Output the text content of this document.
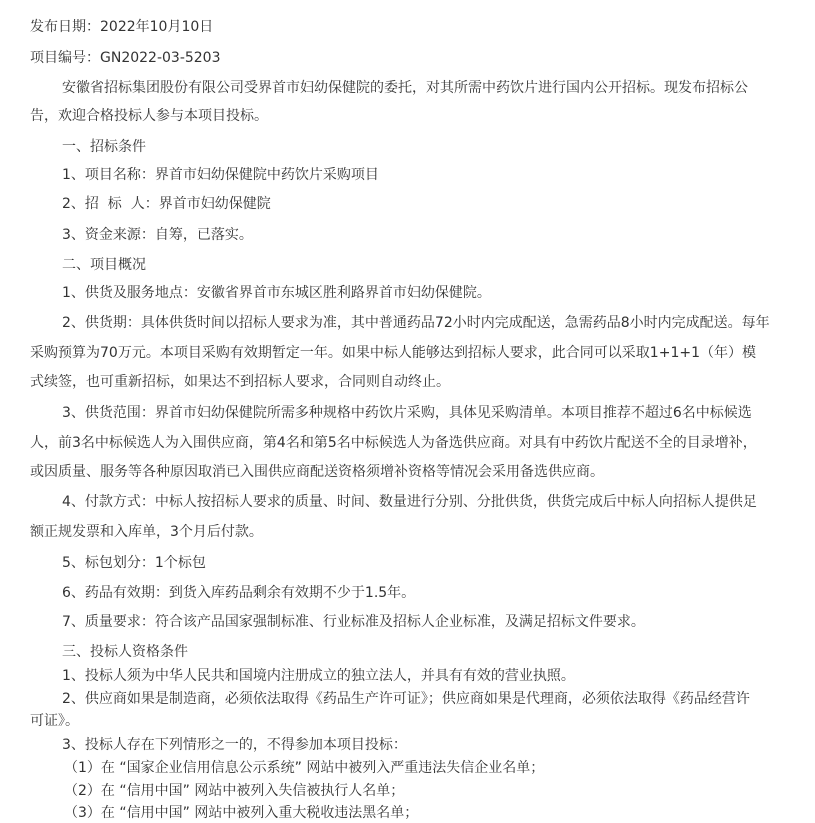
发布日期：2022年10月10日

项目编号：GN2022-03-5203

安徽省招标集团股份有限公司受界首市妇幼保健院的委托，对其所需中药饮片进行国内公开招标。现发布招标公

告，欢迎合格投标人参与本项目投标。

一、招标条件

1、项目名称：界首市妇幼保健院中药饮片采购项目

2、招  标  人：界首市妇幼保健院

3、资金来源：自筹，已落实。

二、项目概况

1、供货及服务地点：安徽省界首市东城区胜利路界首市妇幼保健院。

2、供货期：具体供货时间以招标人要求为准，其中普通药品72小时内完成配送，急需药品8小时内完成配送。每年

采购预算为70万元。本项目采购有效期暂定一年。如果中标人能够达到招标人要求，此合同可以采取1+1+1（年）模

式续签，也可重新招标，如果达不到招标人要求，合同则自动终止。

3、供货范围：界首市妇幼保健院所需多种规格中药饮片采购，具体见采购清单。本项目推荐不超过6名中标候选

人，前3名中标候选人为入围供应商，第4名和第5名中标候选人为备选供应商。对具有中药饮片配送不全的目录增补，

或因质量、服务等各种原因取消已入围供应商配送资格须增补资格等情况会采用备选供应商。

4、付款方式：中标人按招标人要求的质量、时间、数量进行分别、分批供货，供货完成后中标人向招标人提供足

额正规发票和入库单，3个月后付款。

5、标包划分：1个标包

6、药品有效期：到货入库药品剩余有效期不少于1.5年。

7、质量要求：符合该产品国家强制标准、行业标准及招标人企业标准，及满足招标文件要求。

三、投标人资格条件

1、投标人须为中华人民共和国境内注册成立的独立法人，并具有有效的营业执照。

2、供应商如果是制造商，必须依法取得《药品生产许可证》；供应商如果是代理商，必须依法取得《药品经营许

可证》。

3、投标人存在下列情形之一的，不得参加本项目投标：

（1）在 “国家企业信用信息公示系统” 网站中被列入严重违法失信企业名单；

（2）在 “信用中国” 网站中被列入失信被执行人名单；

（3）在 “信用中国” 网站中被列入重大税收违法黑名单；
